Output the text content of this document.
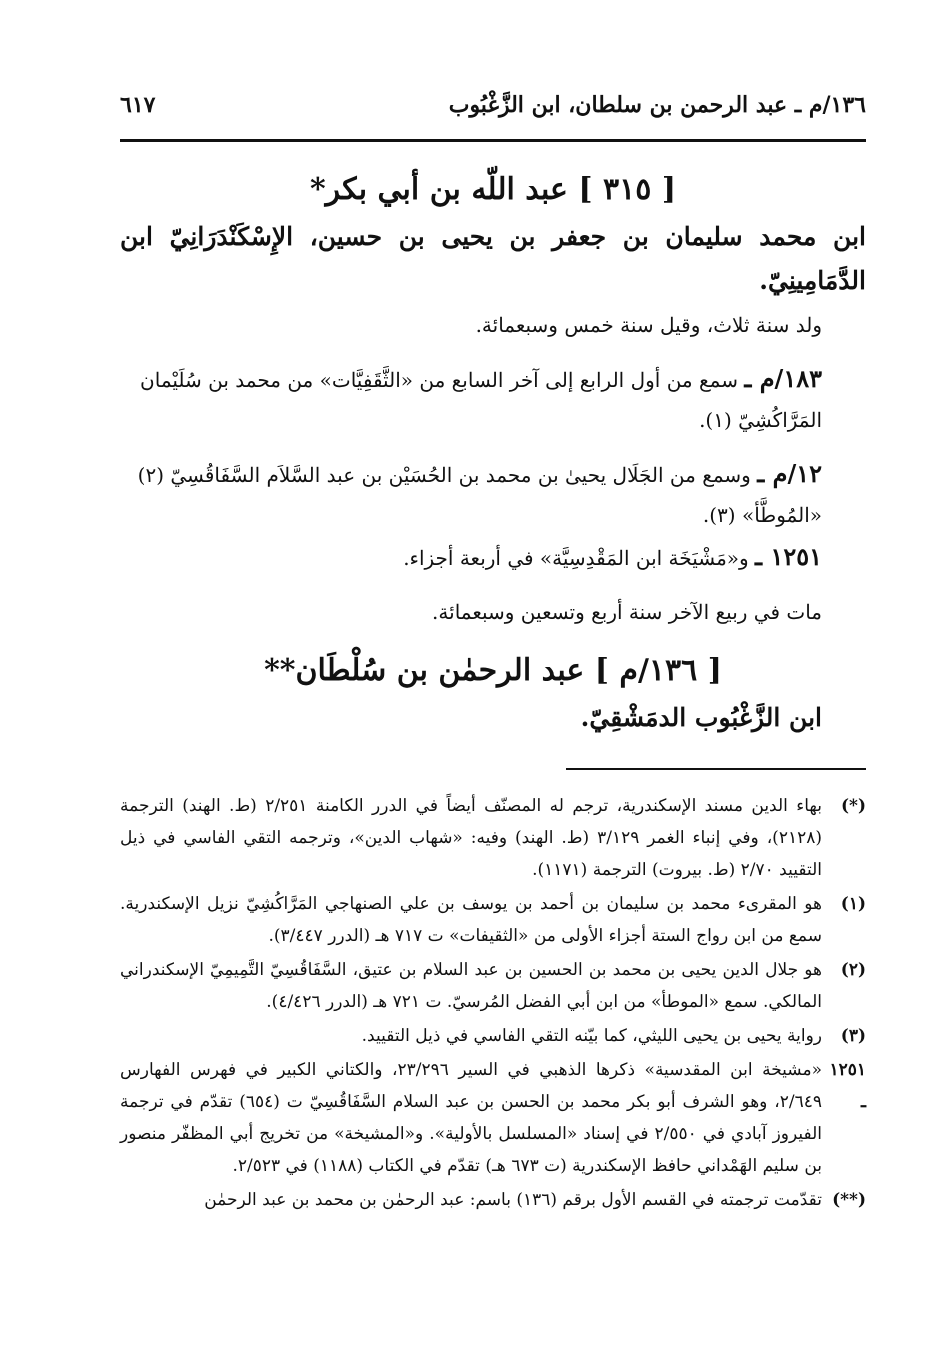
٦١٧	١٣٦/م ـ عبد الرحمن بن سلطان، ابن الزَّغْبُوب
[ ٣١٥ ] عبد اللّه بن أبي بكر*
ابن محمد سليمان بن جعفر بن يحيى بن حسين، الإِسْكَنْدَرَانِيّ ابن الدَّمَامِينِيّ.
ولد سنة ثلاث، وقيل سنة خمس وسبعمائة.
١٨٣/م ـ سمع من أول الرابع إلى آخر السابع من «الثَّقَفِيَّات» من محمد بن سُلَيْمان المَرَّاكُشِيّ (١).
١٢/م ـ وسمع من الجَلَال يحيىٰ بن محمد بن الحُسَيْن بن عبد السَّلاَم السَّفَاقُسِيّ (٢) «المُوطَّأ» (٣).
١٢٥١ ـ و«مَشْيَخَة ابن المَقْدِسِيَّة» في أربعة أجزاء.
مات في ربيع الآخر سنة أربع وتسعين وسبعمائة.
[ ١٣٦/م ] عبد الرحمٰن بن سُلْطَان**
ابن الزَّغْبُوب الدمَشْقِيّ.
(*)
بهاء الدين مسند الإسكندرية، ترجم له المصنّف أيضاً في الدرر الكامنة ٢/٢٥١ (ط. الهند) الترجمة (٢١٢٨)، وفي إنباء الغمر ٣/١٢٩ (ط. الهند) وفيه: «شهاب الدين»، وترجمه التقي الفاسي في ذيل التقييد ٢/٧٠ (ط. بيروت) الترجمة (١١٧١).
(١)
هو المقرىء محمد بن سليمان بن أحمد بن يوسف بن علي الصنهاجي المَرَّاكُشِيّ نزيل الإسكندرية. سمع من ابن رواج الستة أجزاء الأولى من «الثقيفات» ت ٧١٧ هـ (الدرر ٣/٤٤٧).
(٢)
هو جلال الدين يحيى بن محمد بن الحسين بن عبد السلام بن عتيق، السَّفَاقُسِيّ التَّمِيمِيّ الإسكندراني المالكي. سمع «الموطأ» من ابن أبي الفضل المُرسيّ. ت ٧٢١ هـ (الدرر ٤/٤٢٦).
(٣)
رواية يحيى بن يحيى الليثي، كما بيّنه التقي الفاسي في ذيل التقييد.
١٢٥١ ـ
«مشيخة ابن المقدسية» ذكرها الذهبي في السير ٢٣/٢٩٦، والكتاني الكبير في فهرس الفهارس ٢/٦٤٩، وهو الشرف أبو بكر محمد بن الحسن بن عبد السلام السَّفَاقُسِيّ ت (٦٥٤) تقدّم في ترجمة الفيروز آبادي في ٢/٥٥٠ في إسناد «المسلسل بالأولية». و«المشيخة» من تخريج أبي المظفّر منصور بن سليم الهَمْداني حافظ الإسكندرية (ت ٦٧٣ هـ) تقدّم في الكتاب (١١٨٨) في ٢/٥٢٣.
(**)
تقدّمت ترجمته في القسم الأول برقم (١٣٦) باسم: عبد الرحمٰن بن محمد بن عبد الرحمٰن
